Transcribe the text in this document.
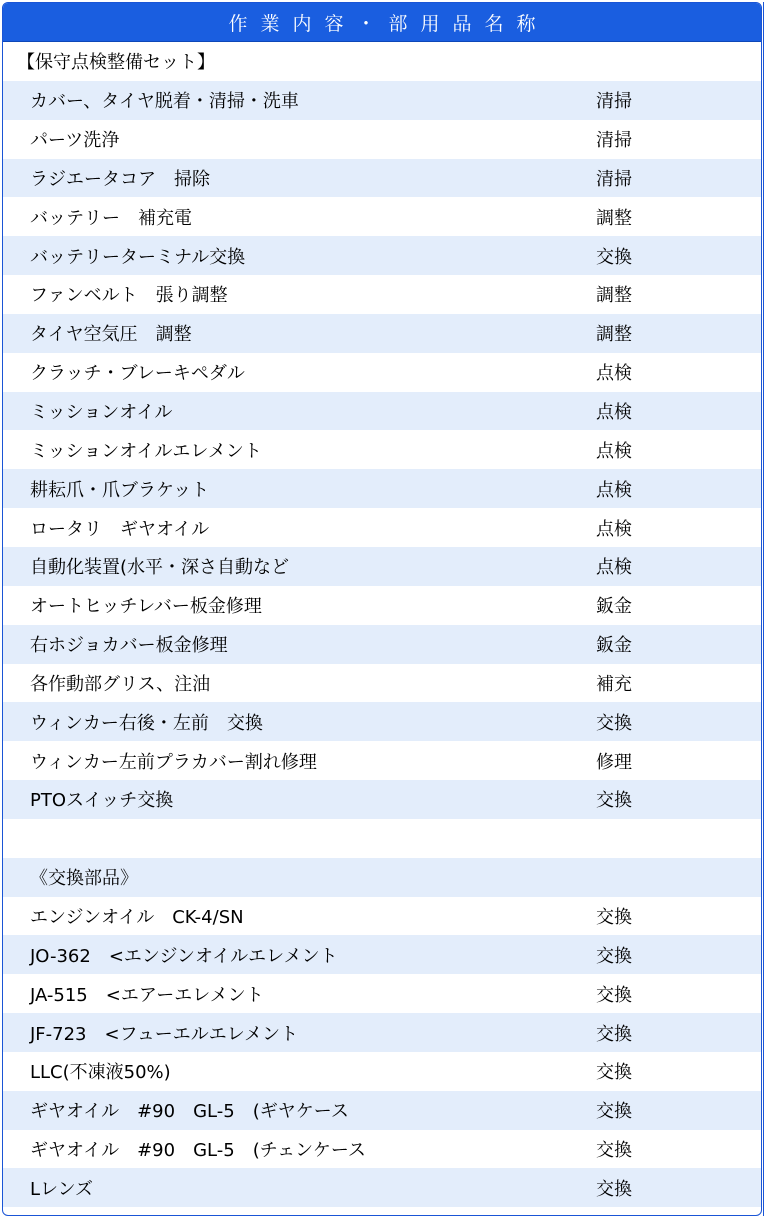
作業内容・部用品名称
【保守点検整備セット】
カバー、タイヤ脱着・清掃・洗車	清掃
パーツ洗浄	清掃
ラジエータコア　掃除	清掃
バッテリー　補充電	調整
バッテリーターミナル交換	交換
ファンベルト　張り調整	調整
タイヤ空気圧　調整	調整
クラッチ・ブレーキペダル	点検
ミッションオイル	点検
ミッションオイルエレメント	点検
耕耘爪・爪ブラケット	点検
ロータリ　ギヤオイル	点検
自動化装置(水平・深さ自動など	点検
オートヒッチレバー板金修理	鈑金
右ホジョカバー板金修理	鈑金
各作動部グリス、注油	補充
ウィンカー右後・左前　交換	交換
ウィンカー左前プラカバー割れ修理	修理
PTOスイッチ交換	交換
《交換部品》
エンジンオイル　CK-4/SN	交換
JO-362　<エンジンオイルエレメント	交換
JA-515　<エアーエレメント	交換
JF-723　<フューエルエレメント	交換
LLC(不凍液50%)	交換
ギヤオイル　#90　GL-5　(ギヤケース	交換
ギヤオイル　#90　GL-5　(チェンケース	交換
Lレンズ	交換
